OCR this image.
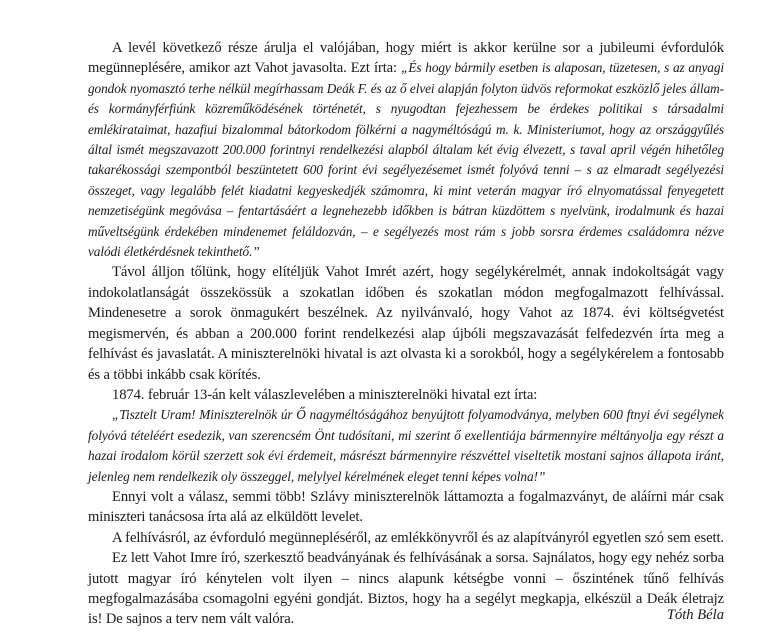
A levél következő része árulja el valójában, hogy miért is akkor kerülne sor a jubileumi évfordulók megünneplésére, amikor azt Vahot javasolta. Ezt írta: „És hogy bármily esetben is alaposan, tüzetesen, s az anyagi gondok nyomasztó terhe nélkül megírhassam Deák F. és az ő elvei alapján folyton üdvös reformokat eszközlő jeles állam- és kormányférfiúnk közreműködésének történetét, s nyugodtan fejezhessem be érdekes politikai s társadalmi emlékirataimat, hazafiui bizalommal bátorkodom fölkérni a nagyméltóságú m. k. Ministeriumot, hogy az országgyűlés által ismét megszavazott 200.000 forintnyi rendelkezési alapból általam két évig élvezett, s taval april végén hihetőleg takarékossági szempontból beszüntetett 600 forint évi segélyezésemet ismét folyóvá tenni – s az elmaradt segélyezési összeget, vagy legalább felét kiadatni kegyeskedjék számomra, ki mint veterán magyar író elnyomatással fenyegetett nemzetiségünk megóvása – fentartásáért a legnehezebb időkben is bátran küzdöttem s nyelvünk, irodalmunk és hazai műveltségünk érdekében mindenemet feláldozván, – e segélyezés most rám s jobb sorsra érdemes családomra nézve valódi életkérdésnek tekinthető.”

Távol álljon tőlünk, hogy elítéljük Vahot Imrét azért, hogy segélykérelmét, annak indokoltságát vagy indokolatlanságát összekössük a szokatlan időben és szokatlan módon megfogalmazott felhívással. Mindenesetre a sorok önmagukért beszélnek. Az nyilvánvaló, hogy Vahot az 1874. évi költségvetést megismervén, és abban a 200.000 forint rendelkezési alap újbóli megszavazását felfedezvén írta meg a felhívást és javaslatát. A miniszterelnöki hivatal is azt olvasta ki a sorokból, hogy a segélykérelem a fontosabb és a többi inkább csak körítés.

1874. február 13-án kelt válaszlevelében a miniszterelnöki hivatal ezt írta:

„Tisztelt Uram! Miniszterelnök úr Ő nagyméltóságához benyújtott folyamodványa, melyben 600 ftnyi évi segélynek folyóvá tételéért esedezik, van szerencsém Önt tudósítani, mi szerint ő exellentiája bármennyire méltányolja egy részt a hazai irodalom körül szerzett sok évi érdemeit, másrészt bármennyire részvéttel viseltetik mostani sajnos állapota iránt, jelenleg nem rendelkezik oly összeggel, melylyel kérelmének eleget tenni képes volna!”

Ennyi volt a válasz, semmi több! Szlávy miniszterelnök láttamozta a fogalmazványt, de aláírni már csak miniszteri tanácsosa írta alá az elküldött levelet.

A felhívásról, az évforduló megünnepléséről, az emlékkönyvről és az alapítványról egyetlen szó sem esett.

Ez lett Vahot Imre író, szerkesztő beadványának és felhívásának a sorsa. Sajnálatos, hogy egy nehéz sorba jutott magyar író kénytelen volt ilyen – nincs alapunk kétségbe vonni – őszintének tűnő felhívás megfogalmazásába csomagolni egyéni gondját. Biztos, hogy ha a segélyt megkapja, elkészül a Deák életrajz is! De sajnos a terv nem vált valóra.	Tóth Béla
